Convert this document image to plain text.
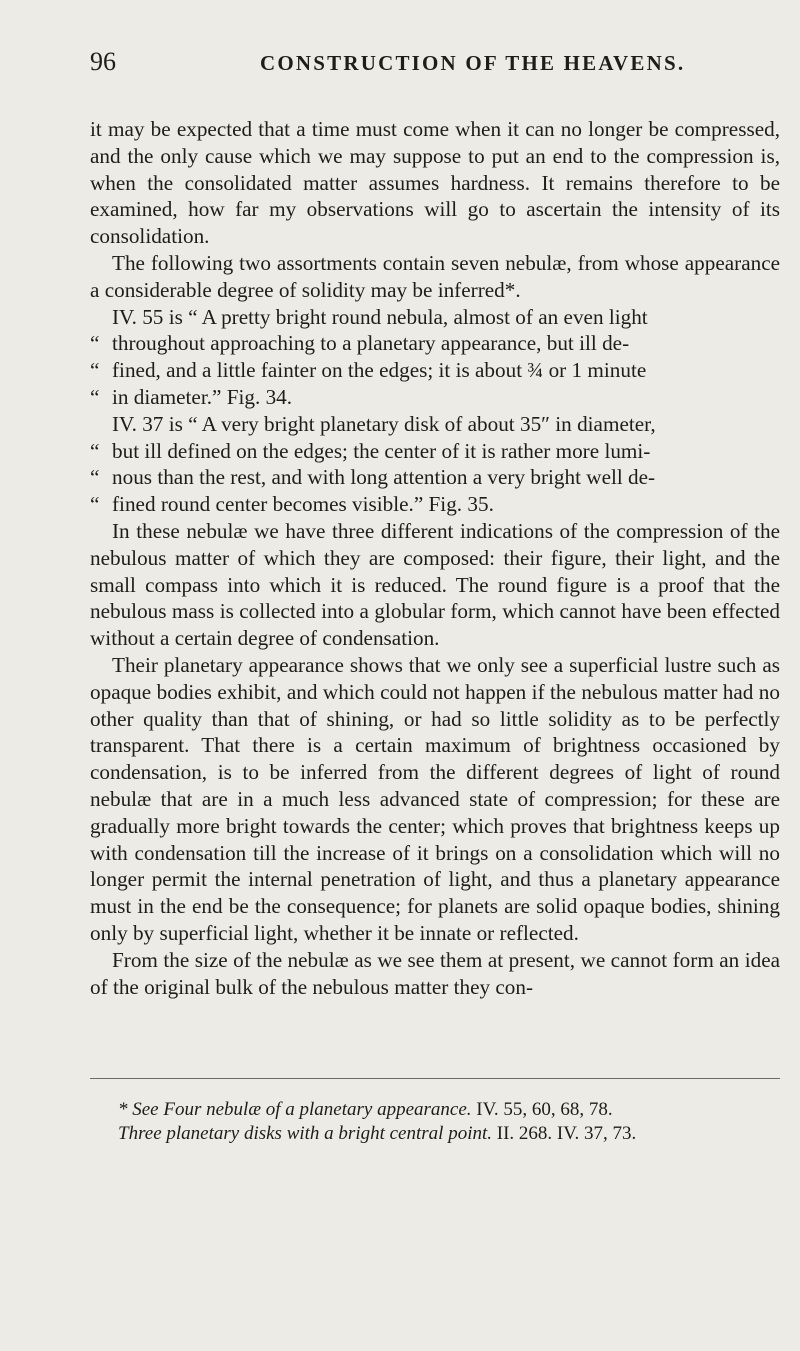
96	CONSTRUCTION OF THE HEAVENS.

it may be expected that a time must come when it can no longer be compressed, and the only cause which we may suppose to put an end to the compression is, when the consolidated matter assumes hardness. It remains therefore to be examined, how far my observations will go to ascertain the intensity of its consolidation.

The following two assortments contain seven nebulæ, from whose appearance a considerable degree of solidity may be inferred*.

IV. 55 is “ A pretty bright round nebula, almost of an even light
“ throughout approaching to a planetary appearance, but ill de-
“ fined, and a little fainter on the edges; it is about ¾ or 1 minute
“ in diameter.” Fig. 34.
IV. 37 is “ A very bright planetary disk of about 35″ in diameter,
“ but ill defined on the edges; the center of it is rather more lumi-
“ nous than the rest, and with long attention a very bright well de-
“ fined round center becomes visible.” Fig. 35.

In these nebulæ we have three different indications of the compression of the nebulous matter of which they are composed: their figure, their light, and the small compass into which it is reduced. The round figure is a proof that the nebulous mass is collected into a globular form, which cannot have been effected without a certain degree of condensation.

Their planetary appearance shows that we only see a superficial lustre such as opaque bodies exhibit, and which could not happen if the nebulous matter had no other quality than that of shining, or had so little solidity as to be perfectly transparent. That there is a certain maximum of brightness occasioned by condensation, is to be inferred from the different degrees of light of round nebulæ that are in a much less advanced state of compression; for these are gradually more bright towards the center; which proves that brightness keeps up with condensation till the increase of it brings on a consolidation which will no longer permit the internal penetration of light, and thus a planetary appearance must in the end be the consequence; for planets are solid opaque bodies, shining only by superficial light, whether it be innate or reflected.

From the size of the nebulæ as we see them at present, we cannot form an idea of the original bulk of the nebulous matter they con-

* See Four nebulæ of a planetary appearance. IV. 55, 60, 68, 78.
Three planetary disks with a bright central point. II. 268. IV. 37, 73.
